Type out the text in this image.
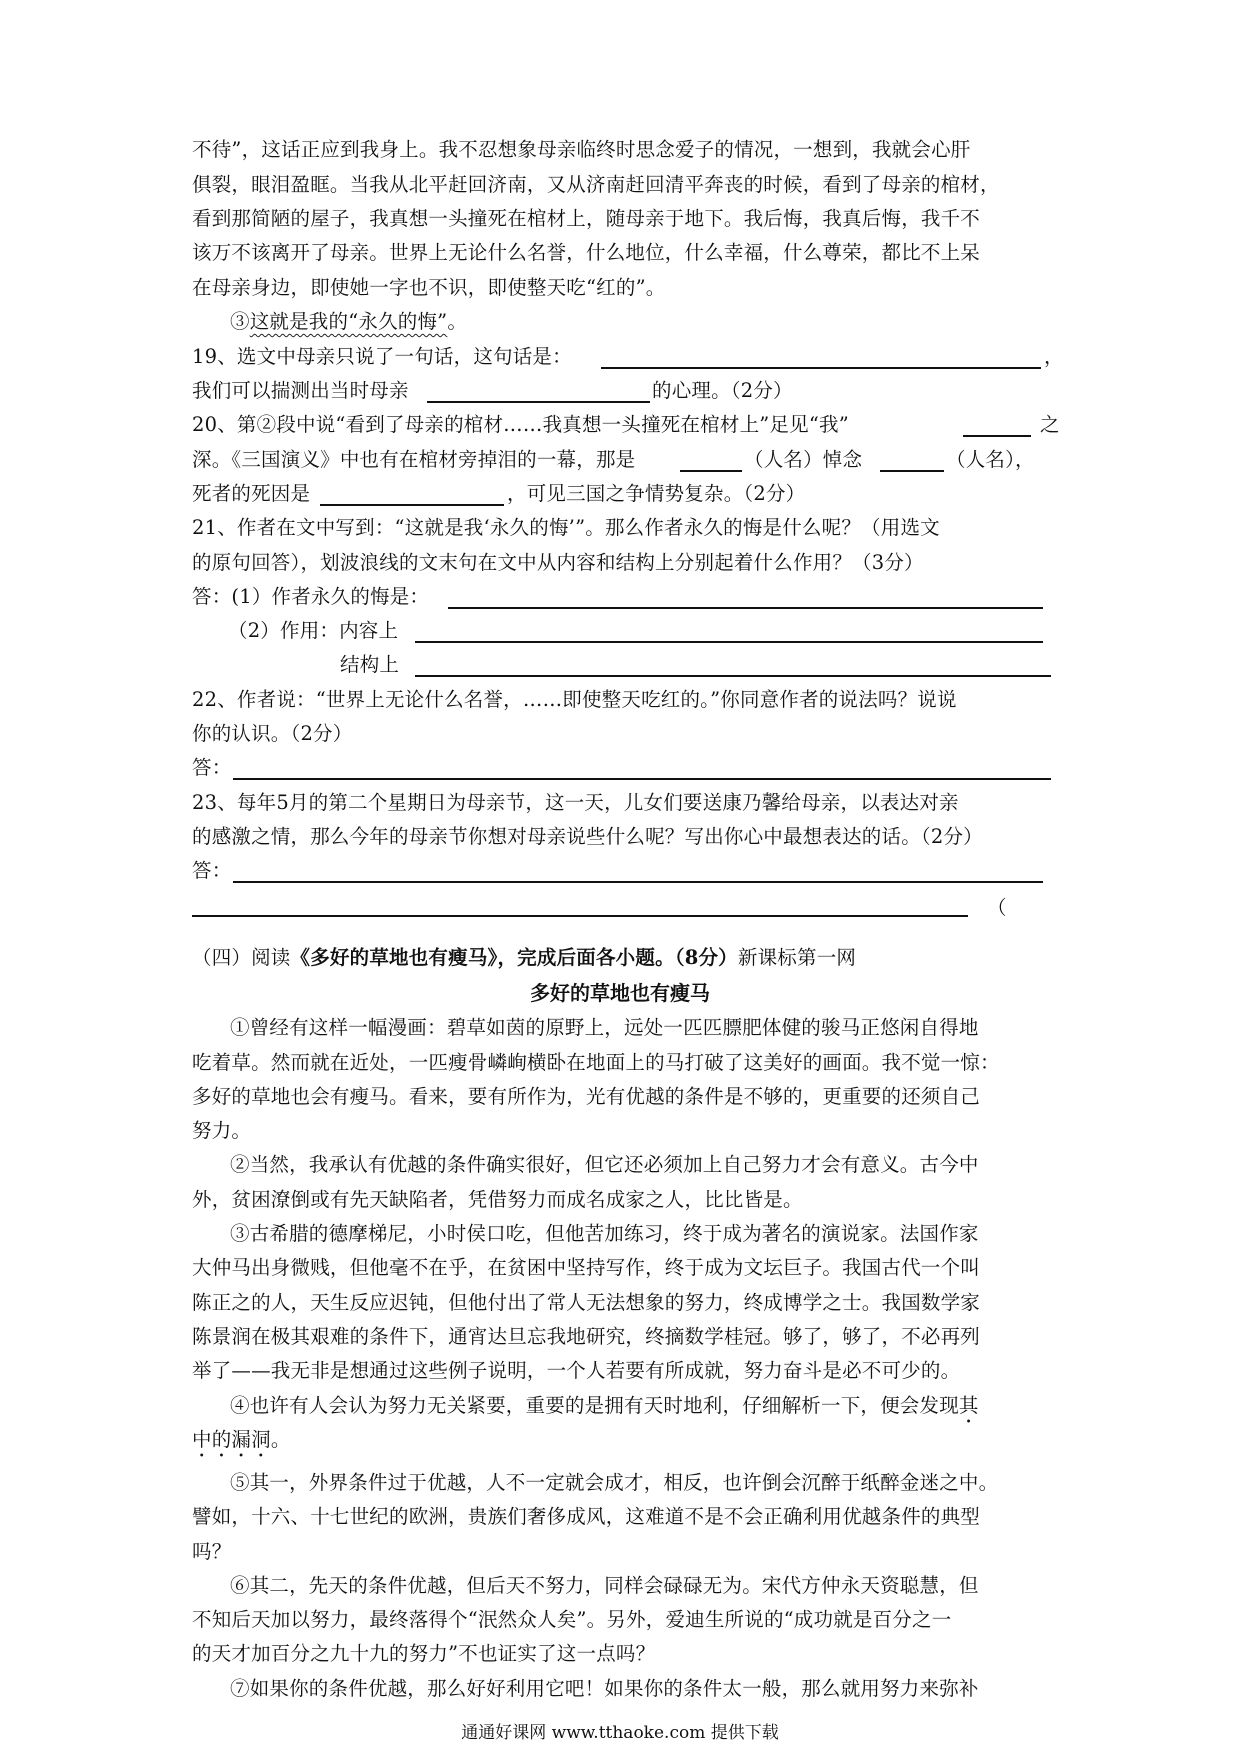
不待”，这话正应到我身上。我不忍想象母亲临终时思念爱子的情况，一想到，我就会心肝
俱裂，眼泪盈眶。当我从北平赶回济南，又从济南赶回清平奔丧的时候，看到了母亲的棺材，
看到那简陋的屋子，我真想一头撞死在棺材上，随母亲于地下。我后悔，我真后悔，我千不
该万不该离开了母亲。世界上无论什么名誉，什么地位，什么幸福，什么尊荣，都比不上呆
在母亲身边，即使她一字也不识，即使整天吃“红的”。
③这就是我的“永久的悔”。
19、选文中母亲只说了一句话，这句话是：	，
我们可以揣测出当时母亲	的心理。（2分）
20、第②段中说“看到了母亲的棺材……我真想一头撞死在棺材上”足见“我”	之
深。《三国演义》中也有在棺材旁掉泪的一幕，那是	（人名）悼念	（人名），
死者的死因是	，可见三国之争情势复杂。（2分）
21、作者在文中写到：“这就是我‘永久的悔’”。那么作者永久的悔是什么呢？（用选文
的原句回答），划波浪线的文末句在文中从内容和结构上分别起着什么作用？（3分）
答：(1）作者永久的悔是：
（2）作用：内容上
结构上
22、作者说：“世界上无论什么名誉，……即使整天吃红的。”你同意作者的说法吗？说说
你的认识。（2分）
答：
23、每年5月的第二个星期日为母亲节，这一天，儿女们要送康乃馨给母亲，以表达对亲
的感激之情，那么今年的母亲节你想对母亲说些什么呢？写出你心中最想表达的话。（2分）
答：
（
（四）阅读《多好的草地也有瘦马》，完成后面各小题。（8分）新课标第一网
多好的草地也有瘦马
①曾经有这样一幅漫画：碧草如茵的原野上，远处一匹匹膘肥体健的骏马正悠闲自得地
吃着草。然而就在近处，一匹瘦骨嶙峋横卧在地面上的马打破了这美好的画面。我不觉一惊：
多好的草地也会有瘦马。看来，要有所作为，光有优越的条件是不够的，更重要的还须自己
努力。
②当然，我承认有优越的条件确实很好，但它还必须加上自己努力才会有意义。古今中
外，贫困潦倒或有先天缺陷者，凭借努力而成名成家之人，比比皆是。
③古希腊的德摩梯尼，小时侯口吃，但他苦加练习，终于成为著名的演说家。法国作家
大仲马出身微贱，但他毫不在乎，在贫困中坚持写作，终于成为文坛巨子。我国古代一个叫
陈正之的人，天生反应迟钝，但他付出了常人无法想象的努力，终成博学之士。我国数学家
陈景润在极其艰难的条件下，通宵达旦忘我地研究，终摘数学桂冠。够了，够了，不必再列
举了——我无非是想通过这些例子说明，一个人若要有所成就，努力奋斗是必不可少的。
④也许有人会认为努力无关紧要，重要的是拥有天时地利，仔细解析一下，便会发现其
中的漏洞。
⑤其一，外界条件过于优越，人不一定就会成才，相反，也许倒会沉醉于纸醉金迷之中。
譬如，十六、十七世纪的欧洲，贵族们奢侈成风，这难道不是不会正确利用优越条件的典型
吗？
⑥其二，先天的条件优越，但后天不努力，同样会碌碌无为。宋代方仲永天资聪慧，但
不知后天加以努力，最终落得个“泯然众人矣”。另外，爱迪生所说的“成功就是百分之一
的天才加百分之九十九的努力”不也证实了这一点吗？
⑦如果你的条件优越，那么好好利用它吧！如果你的条件太一般，那么就用努力来弥补
通通好课网 www.tthaoke.com 提供下载
